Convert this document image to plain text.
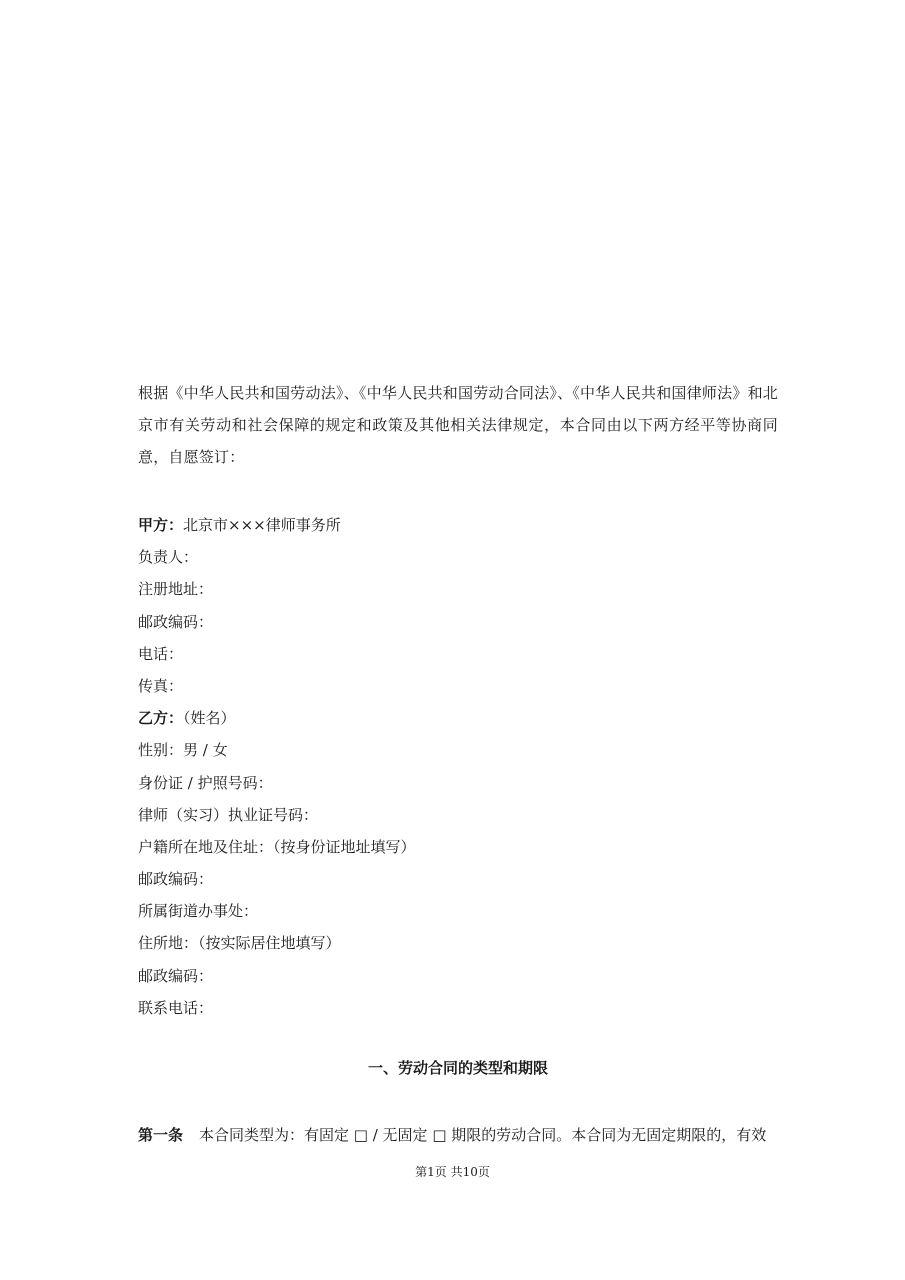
根据《中华人民共和国劳动法》、《中华人民共和国劳动合同法》、《中华人民共和国律师法》和北京市有关劳动和社会保障的规定和政策及其他相关法律规定，本合同由以下两方经平等协商同意，自愿签订：

甲方：北京市×××律师事务所
负责人：
注册地址：
邮政编码：
电话：
传真：
乙方：（姓名）
性别：男 / 女
身份证 / 护照号码：
律师（实习）执业证号码：
户籍所在地及住址：（按身份证地址填写）
邮政编码：
所属街道办事处：
住所地：（按实际居住地填写）
邮政编码：
联系电话：
一、劳动合同的类型和期限
第一条 本合同类型为：有固定 □ / 无固定 □ 期限的劳动合同。本合同为无固定期限的，有效
第1页 共10页
